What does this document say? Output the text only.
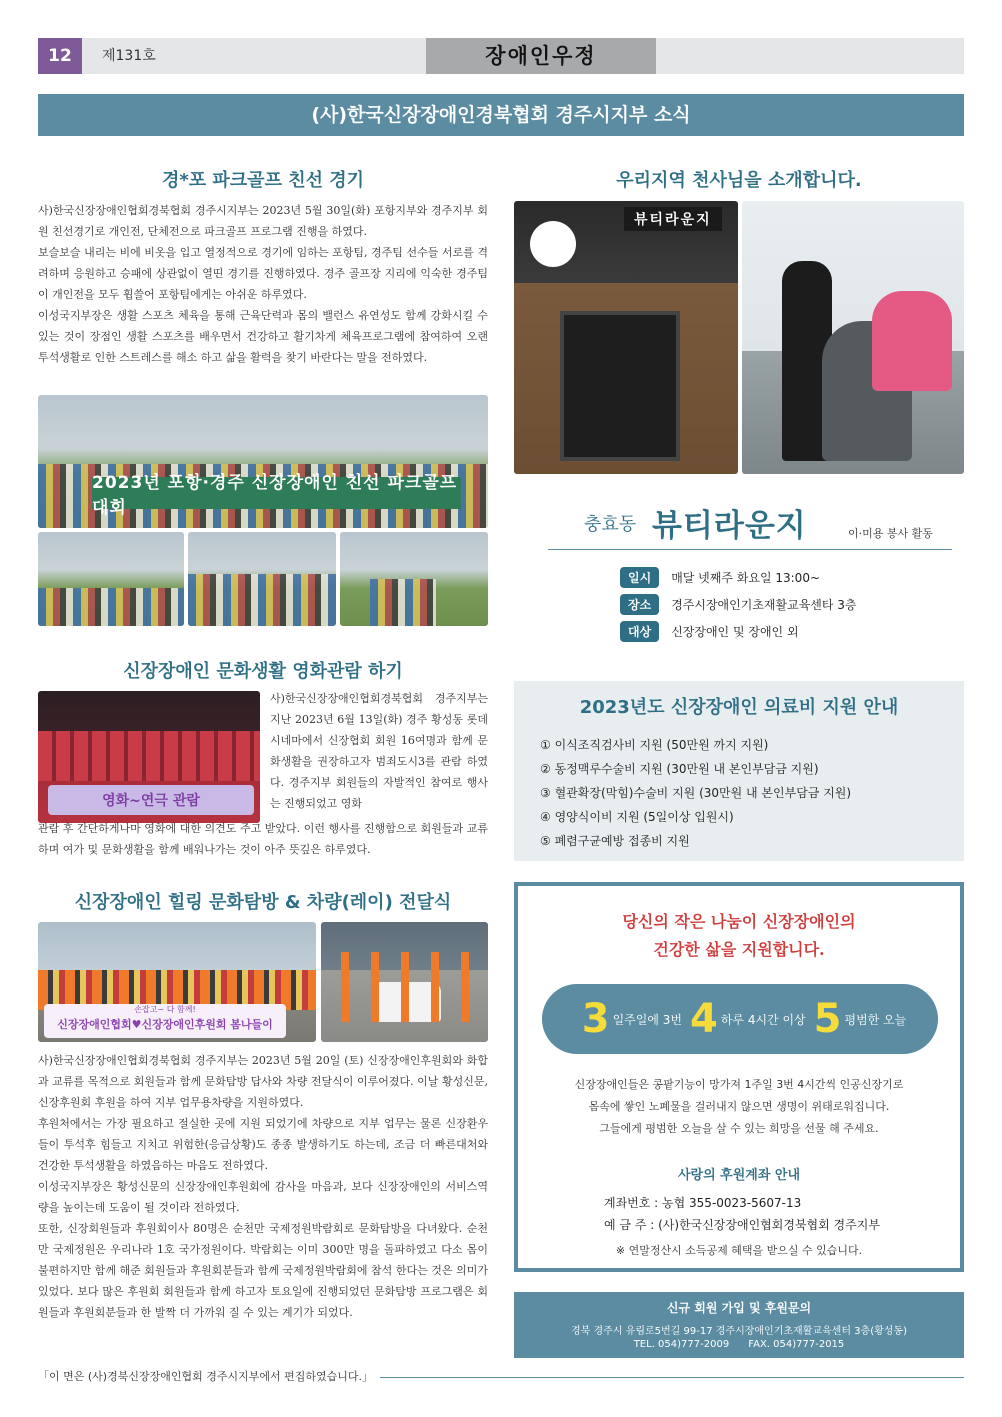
12	제131호	장애인우정
(사)한국신장장애인경북협회 경주시지부 소식
경*포 파크골프 친선 경기

사)한국신장장애인협회경북협회 경주시지부는 2023년 5월 30일(화) 포항지부와 경주지부 회원 친선경기로 개인전, 단체전으로 파크골프 프로그램 진행을 하였다.

보슬보슬 내리는 비에 비옷을 입고 열정적으로 경기에 임하는 포항팀, 경주팀 선수들 서로를 격려하며 응원하고 승패에 상관없이 열띤 경기를 진행하였다. 경주 골프장 지리에 익숙한 경주팀이 개인전을 모두 휩쓸어 포항팀에게는 아쉬운 하루였다.

이성국지부장은 생활 스포츠 체육을 통해 근육단력과 몸의 밸런스 유연성도 함께 강화시킬 수 있는 것이 장점인 생활 스포츠를 배우면서 건강하고 활기차게 체육프로그램에 참여하여 오랜 투석생활로 인한 스트레스를 해소 하고 삶을 활력을 찾기 바란다는 말을 전하였다.

2023년 포항·경주 신장장애인 친선 파크골프 대회
우리지역 천사님을 소개합니다.
뷰티라운지
충효동 뷰티라운지	이·미용 봉사 활동
일시	매달 넷째주 화요일 13:00~
장소	경주시장애인기초재활교육센타 3층
대상	신장장애인 및 장애인 외
신장장애인 문화생활 영화관람 하기
영화~연극 관람
사)한국신장장애인협회경북협회 경주지부는 지난 2023년 6월 13일(화) 경주 황성동 롯데시네마에서 신장협회 회원 16여명과 함께 문화생활을 권장하고자 범죄도시3를 관람 하였다. 경주지부 회원들의 자발적인 참여로 행사는 진행되었고 영화
관람 후 간단하게나마 영화에 대한 의견도 주고 받았다. 이런 행사를 진행함으로 회원들과 교류하며 여가 및 문화생활을 함께 배워나가는 것이 아주 뜻깊은 하루였다.
2023년도 신장장애인 의료비 지원 안내
① 이식조직검사비 지원 (50만원 까지 지원)
② 동정맥루수술비 지원 (30만원 내 본인부담금 지원)
③ 혈관확장(막힘)수술비 지원 (30만원 내 본인부담금 지원)
④ 영양식이비 지원 (5일이상 입원시)
⑤ 폐렴구균예방 접종비 지원
신장장애인 힐링 문화탐방 & 차량(레이) 전달식
손잡고~ 다 함께!
신장장애인협회♥신장장애인후원회 봄나들이

사)한국신장장애인협회경북협회 경주지부는 2023년 5월 20일 (토) 신장장애인후원회와 화합과 교류를 목적으로 회원들과 함께 문화탐방 답사와 차량 전달식이 이루어졌다. 이날 황성신문, 신장후원회 후원을 하여 지부 업무용차량을 지원하였다.

후원처에서는 가장 필요하고 절실한 곳에 지원 되었기에 차량으로 지부 업무는 물론 신장환우들이 투석후 힘들고 지치고 위험한(응급상황)도 종종 발생하기도 하는데, 조금 더 빠른대처와 건강한 투석생활을 하였음하는 마음도 전하였다.

이성국지부장은 황성신문의 신장장애인후원회에 감사을 마음과, 보다 신장장애인의 서비스역량을 높이는데 도움이 될 것이라 전하였다.

또한, 신장회원들과 후원회이사 80명은 순천만 국제정원박람회로 문화탐방을 다녀왔다. 순천만 국제정원은 우리나라 1호 국가정원이다. 박람회는 이미 300만 명을 돌파하였고 다소 몸이 불편하지만 함께 해준 회원들과 후원회분들과 함께 국제정원박람회에 참석 한다는 것은 의미가 있었다. 보다 많은 후원회 회원들과 함께 하고자 토요일에 진행되었던 문화탐방 프로그램은 회원들과 후원회분들과 한 발짝 더 가까워 질 수 있는 계기가 되었다.

당신의 작은 나눔이 신장장애인의
건강한 삶을 지원합니다.
3 일주일에 3번 4 하루 4시간 이상 5 평범한 오늘
신장장애인들은 콩팥기능이 망가져 1주일 3번 4시간씩 인공신장기로
몸속에 쌓인 노폐물을 걸러내지 않으면 생명이 위태로워집니다.
그들에게 평범한 오늘을 살 수 있는 희망을 선물 해 주세요.
사랑의 후원계좌 안내
계좌번호 : 농협 355-0023-5607-13
예 금 주 : (사)한국신장장애인협회경북협회 경주지부
※ 연말정산시 소득공제 혜택을 받으실 수 있습니다.
신규 회원 가입 및 후원문의
경북 경주시 유림로5번길 99-17 경주시장애인기초재활교육센터 3층(황성동)
TEL. 054)777-2009      FAX. 054)777-2015
「이 면은 (사)경북신장장애인협회 경주시지부에서 편집하였습니다.」
